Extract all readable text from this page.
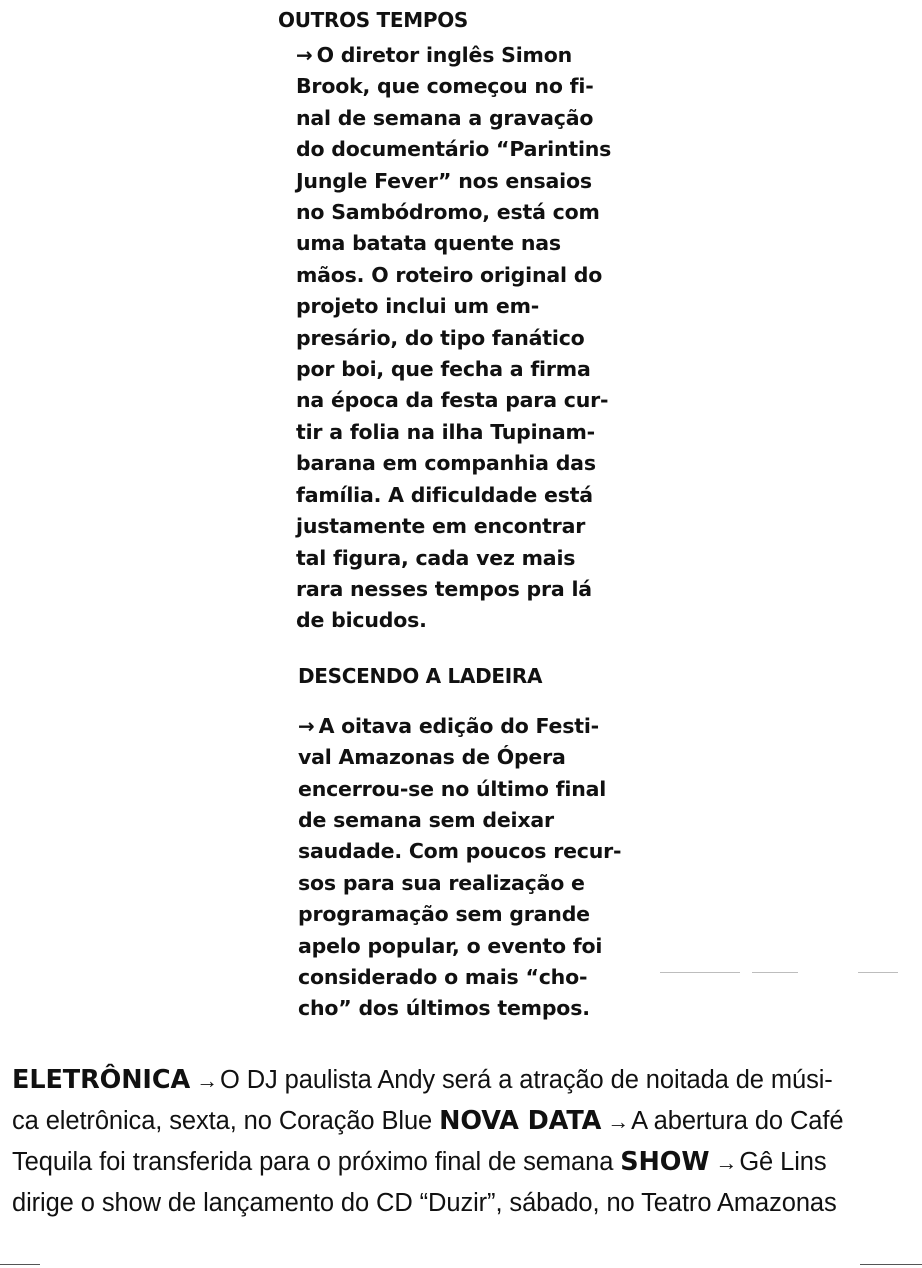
OUTROS TEMPOS

→ O diretor inglês Simon
Brook, que começou no fi-
nal de semana a gravação
do documentário “Parintins
Jungle Fever” nos ensaios
no Sambódromo, está com
uma batata quente nas
mãos. O roteiro original do
projeto inclui um em-
presário, do tipo fanático
por boi, que fecha a firma
na época da festa para cur-
tir a folia na ilha Tupinam-
barana em companhia das
família. A dificuldade está
justamente em encontrar
tal figura, cada vez mais
rara nesses tempos pra lá
de bicudos.

DESCENDO A LADEIRA

→ A oitava edição do Festi-
val Amazonas de Ópera
encerrou-se no último final
de semana sem deixar
saudade. Com poucos recur-
sos para sua realização e
programação sem grande
apelo popular, o evento foi
considerado o mais “cho-
cho” dos últimos tempos.

ELETRÔNICA →O DJ paulista Andy será a atração de noitada de músi-
ca eletrônica, sexta, no Coração Blue NOVA DATA →A abertura do Café
Tequila foi transferida para o próximo final de semana SHOW →Gê Lins
dirige o show de lançamento do CD “Duzir”, sábado, no Teatro Amazonas
